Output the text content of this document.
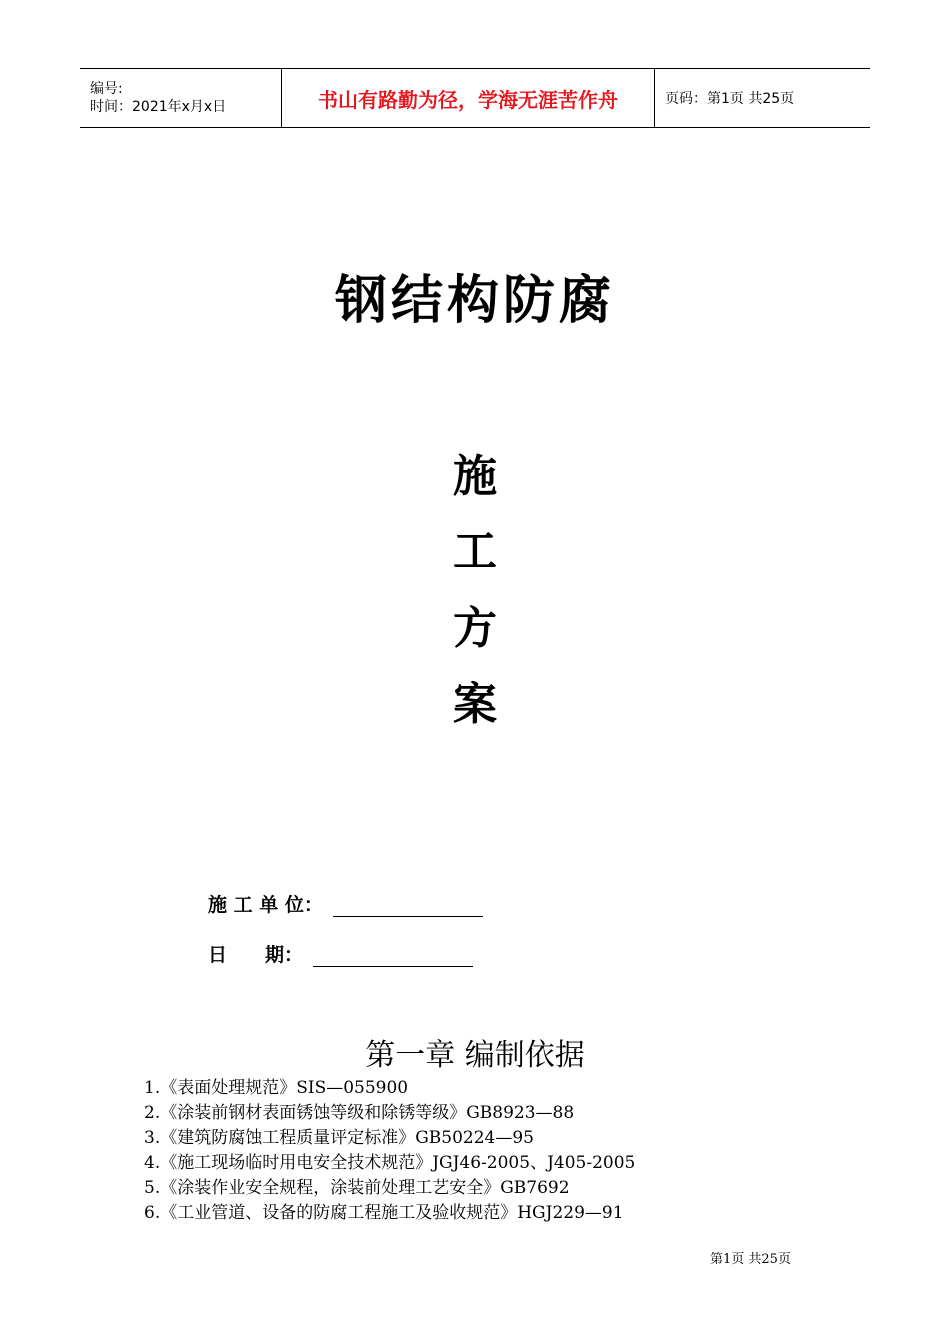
编号:
时间：2021年x月x日	书山有路勤为径，学海无涯苦作舟	页码：第1页 共25页
钢结构防腐
施
工
方
案
施 工 单 位：
日　　期：
第一章 编制依据
1.《表面处理规范》SIS—055900
2.《涂装前钢材表面锈蚀等级和除锈等级》GB8923—88
3.《建筑防腐蚀工程质量评定标准》GB50224—95
4.《施工现场临时用电安全技术规范》JGJ46-2005、J405-2005
5.《涂装作业安全规程，涂装前处理工艺安全》GB7692
6.《工业管道、设备的防腐工程施工及验收规范》HGJ229—91
第1页 共25页
